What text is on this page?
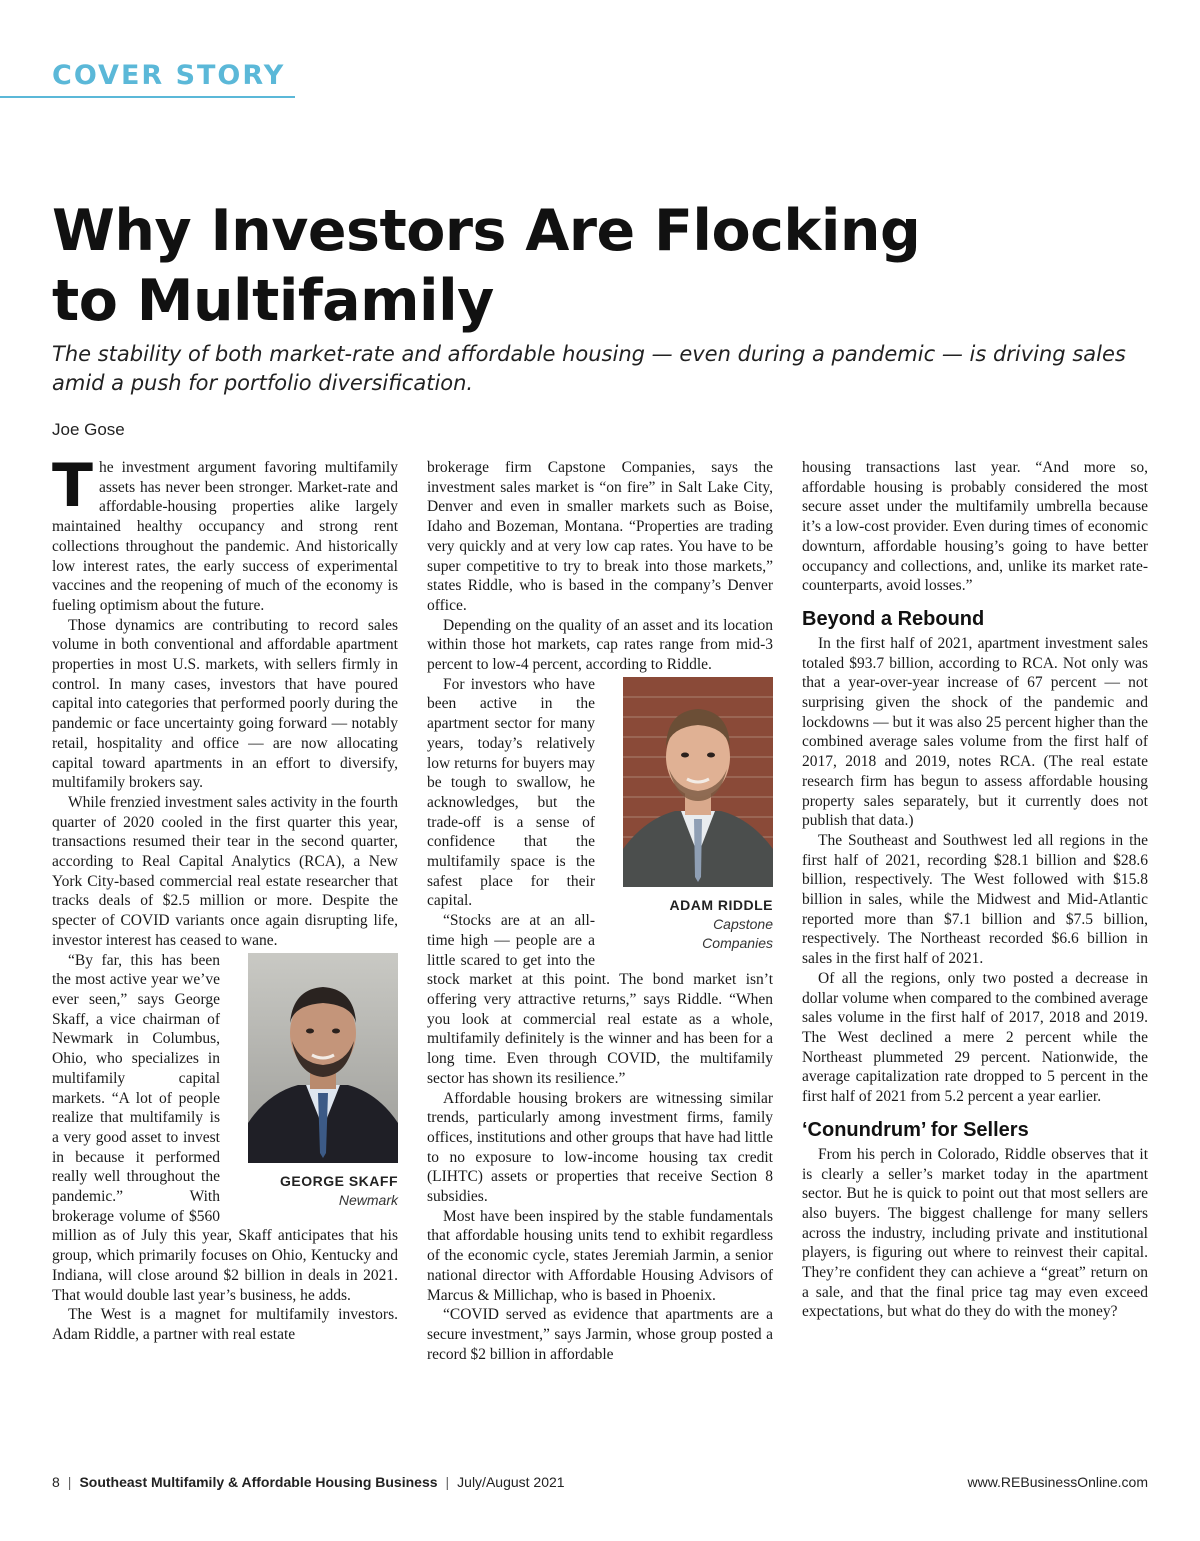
COVER STORY
Why Investors Are Flocking
to Multifamily
The stability of both market-rate and affordable housing — even during a pandemic — is driving sales amid a push for portfolio diversification.
Joe Gose

The investment argument favoring multifamily assets has never been stronger. Market-rate and affordable-housing properties alike largely maintained healthy occupancy and strong rent collections throughout the pandemic. And historically low interest rates, the early success of experimental vaccines and the reopening of much of the economy is fueling optimism about the future.

Those dynamics are contributing to record sales volume in both conventional and affordable apartment properties in most U.S. markets, with sellers firmly in control. In many cases, investors that have poured capital into categories that performed poorly during the pandemic or face uncertainty going forward — notably retail, hospitality and office — are now allocating capital toward apartments in an effort to diversify, multifamily brokers say.

While frenzied investment sales activity in the fourth quarter of 2020 cooled in the first quarter this year, transactions resumed their tear in the second quarter, according to Real Capital Analytics (RCA), a New York City-based commercial real estate researcher that tracks deals of $2.5 million or more. Despite the specter of COVID variants once again disrupting life, investor interest has ceased to wane.

GEORGE SKAFF
Newmark

“By far, this has been the most active year we’ve ever seen,” says George Skaff, a vice chairman of Newmark in Columbus, Ohio, who specializes in multifamily capital markets. “A lot of people realize that multifamily is a very good asset to invest in because it performed really well throughout the pandemic.” With brokerage volume of $560 million as of July this year, Skaff anticipates that his group, which primarily focuses on Ohio, Kentucky and Indiana, will close around $2 billion in deals in 2021. That would double last year’s business, he adds.

The West is a magnet for multifamily investors. Adam Riddle, a partner with real estate

brokerage firm Capstone Companies, says the investment sales market is “on fire” in Salt Lake City, Denver and even in smaller markets such as Boise, Idaho and Bozeman, Montana. “Properties are trading very quickly and at very low cap rates. You have to be super competitive to try to break into those markets,” states Riddle, who is based in the company’s Denver office.

Depending on the quality of an asset and its location within those hot markets, cap rates range from mid-3 percent to low-4 percent, according to Riddle.

ADAM RIDDLE
Capstone
Companies

For investors who have been active in the apartment sector for many years, today’s relatively low returns for buyers may be tough to swallow, he acknowledges, but the trade-off is a sense of confidence that the multifamily space is the safest place for their capital.

“Stocks are at an all-time high — people are a little scared to get into the stock market at this point. The bond market isn’t offering very attractive returns,” says Riddle. “When you look at commercial real estate as a whole, multifamily definitely is the winner and has been for a long time. Even through COVID, the multifamily sector has shown its resilience.”

Affordable housing brokers are witnessing similar trends, particularly among investment firms, family offices, institutions and other groups that have had little to no exposure to low-income housing tax credit (LIHTC) assets or properties that receive Section 8 subsidies.

Most have been inspired by the stable fundamentals that affordable housing units tend to exhibit regardless of the economic cycle, states Jeremiah Jarmin, a senior national director with Affordable Housing Advisors of Marcus & Millichap, who is based in Phoenix.

“COVID served as evidence that apartments are a secure investment,” says Jarmin, whose group posted a record $2 billion in affordable

housing transactions last year. “And more so, affordable housing is probably considered the most secure asset under the multifamily umbrella because it’s a low-cost provider. Even during times of economic downturn, affordable housing’s going to have better occupancy and collections, and, unlike its market rate-counterparts, avoid losses.”

Beyond a Rebound

In the first half of 2021, apartment investment sales totaled $93.7 billion, according to RCA. Not only was that a year-over-year increase of 67 percent — not surprising given the shock of the pandemic and lockdowns — but it was also 25 percent higher than the combined average sales volume from the first half of 2017, 2018 and 2019, notes RCA. (The real estate research firm has begun to assess affordable housing property sales separately, but it currently does not publish that data.)

The Southeast and Southwest led all regions in the first half of 2021, recording $28.1 billion and $28.6 billion, respectively. The West followed with $15.8 billion in sales, while the Midwest and Mid-Atlantic reported more than $7.1 billion and $7.5 billion, respectively. The Northeast recorded $6.6 billion in sales in the first half of 2021.

Of all the regions, only two posted a decrease in dollar volume when compared to the combined average sales volume in the first half of 2017, 2018 and 2019. The West declined a mere 2 percent while the Northeast plummeted 29 percent. Nationwide, the average capitalization rate dropped to 5 percent in the first half of 2021 from 5.2 percent a year earlier.

‘Conundrum’ for Sellers

From his perch in Colorado, Riddle observes that it is clearly a seller’s market today in the apartment sector. But he is quick to point out that most sellers are also buyers. The biggest challenge for many sellers across the industry, including private and institutional players, is figuring out where to reinvest their capital. They’re confident they can achieve a “great” return on a sale, and that the final price tag may even exceed expectations, but what do they do with the money?

8 | Southeast Multifamily & Affordable Housing Business | July/August 2021	www.REBusinessOnline.com
